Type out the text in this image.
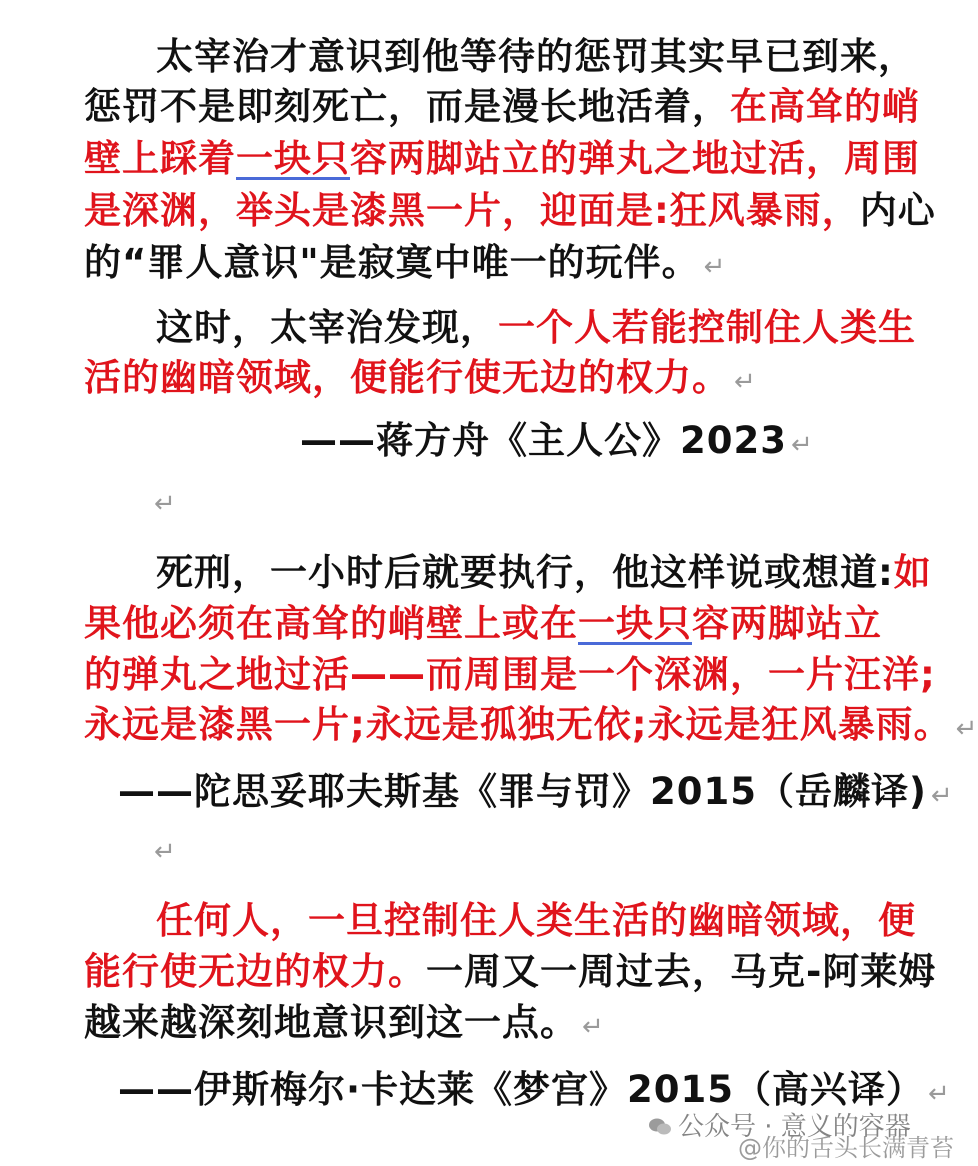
太宰治才意识到他等待的惩罚其实早已到来，
惩罚不是即刻死亡，而是漫长地活着，在高耸的峭
壁上踩着一块只容两脚站立的弹丸之地过活，周围
是深渊，举头是漆黑一片，迎面是:狂风暴雨，内心
的“罪人意识"是寂寞中唯一的玩伴。 ↵
这时，太宰治发现，一个人若能控制住人类生
活的幽暗领域，便能行使无边的权力。 ↵
——蒋方舟《主人公》2023 ↵
↵
死刑，一小时后就要执行，他这样说或想道:如
果他必须在高耸的峭壁上或在一块只容两脚站立
的弹丸之地过活——而周围是一个深渊，一片汪洋;
永远是漆黑一片;永远是孤独无依;永远是狂风暴雨。 ↵
——陀思妥耶夫斯基《罪与罚》2015（岳麟译) ↵
↵
任何人，一旦控制住人类生活的幽暗领域，便
能行使无边的权力。一周又一周过去，马克-阿莱姆
越来越深刻地意识到这一点。 ↵
——伊斯梅尔·卡达莱《梦宫》2015（高兴译） ↵
公众号 · 意义的容器
@你的舌头长满青苔
